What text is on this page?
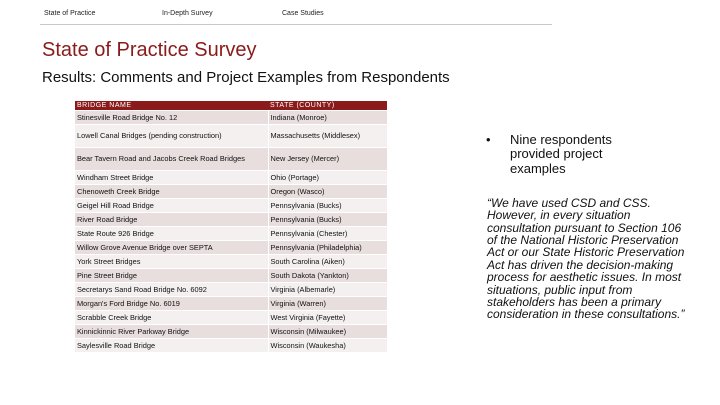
State of Practice	In-Depth Survey	Case Studies
State of Practice Survey
Results: Comments and Project Examples from Respondents
BRIDGE NAME	STATE (COUNTY)
Stinesville Road Bridge No. 12	Indiana (Monroe)
Lowell Canal Bridges (pending construction)	Massachusetts (Middlesex)
Bear Tavern Road and Jacobs Creek Road Bridges	New Jersey (Mercer)
Windham Street Bridge	Ohio (Portage)
Chenoweth Creek Bridge	Oregon (Wasco)
Geigel Hill Road Bridge	Pennsylvania (Bucks)
River Road Bridge	Pennsylvania (Bucks)
State Route 926 Bridge	Pennsylvania (Chester)
Willow Grove Avenue Bridge over SEPTA	Pennsylvania (Philadelphia)
York Street Bridges	South Carolina (Aiken)
Pine Street Bridge	South Dakota (Yankton)
Secretarys Sand Road Bridge No. 6092	Virginia (Albemarle)
Morgan's Ford Bridge No. 6019	Virginia (Warren)
Scrabble Creek Bridge	West Virginia (Fayette)
Kinnickinnic River Parkway Bridge	Wisconsin (Milwaukee)
Saylesville Road Bridge	Wisconsin (Waukesha)
• Nine respondents provided project examples
“We have used CSD and CSS. However, in every situation consultation pursuant to Section 106 of the National Historic Preservation Act or our State Historic Preservation Act has driven the decision-making process for aesthetic issues. In most situations, public input from stakeholders has been a primary consideration in these consultations.”
